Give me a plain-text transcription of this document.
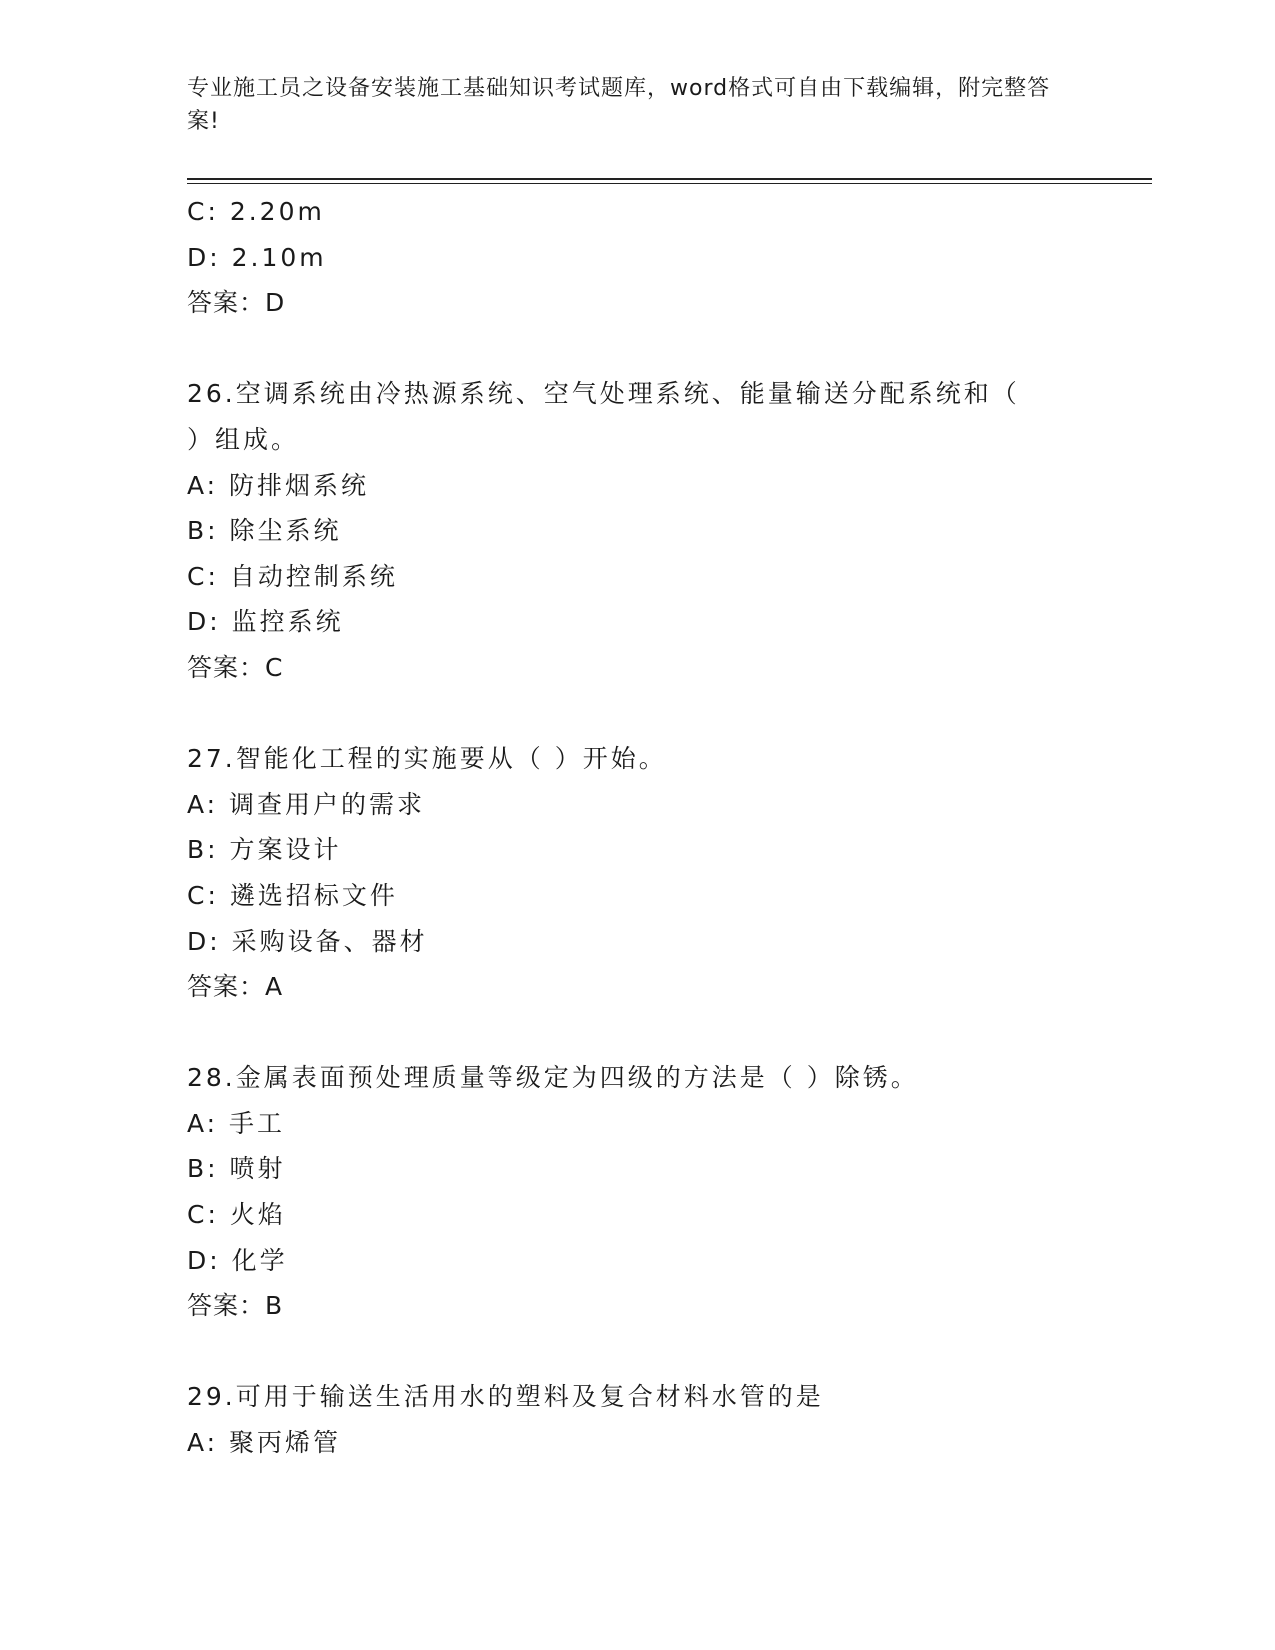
专业施工员之设备安装施工基础知识考试题库，word格式可自由下载编辑，附完整答案!
C: 2.20m
D: 2.10m
答案：D
26.空调系统由冷热源系统、空气处理系统、能量输送分配系统和（
）组成。
A: 防排烟系统
B: 除尘系统
C: 自动控制系统
D: 监控系统
答案：C
27.智能化工程的实施要从（ ）开始。
A: 调查用户的需求
B: 方案设计
C: 遴选招标文件
D: 采购设备、器材
答案：A
28.金属表面预处理质量等级定为四级的方法是（ ）除锈。
A: 手工
B: 喷射
C: 火焰
D: 化学
答案：B
29.可用于输送生活用水的塑料及复合材料水管的是
A: 聚丙烯管
